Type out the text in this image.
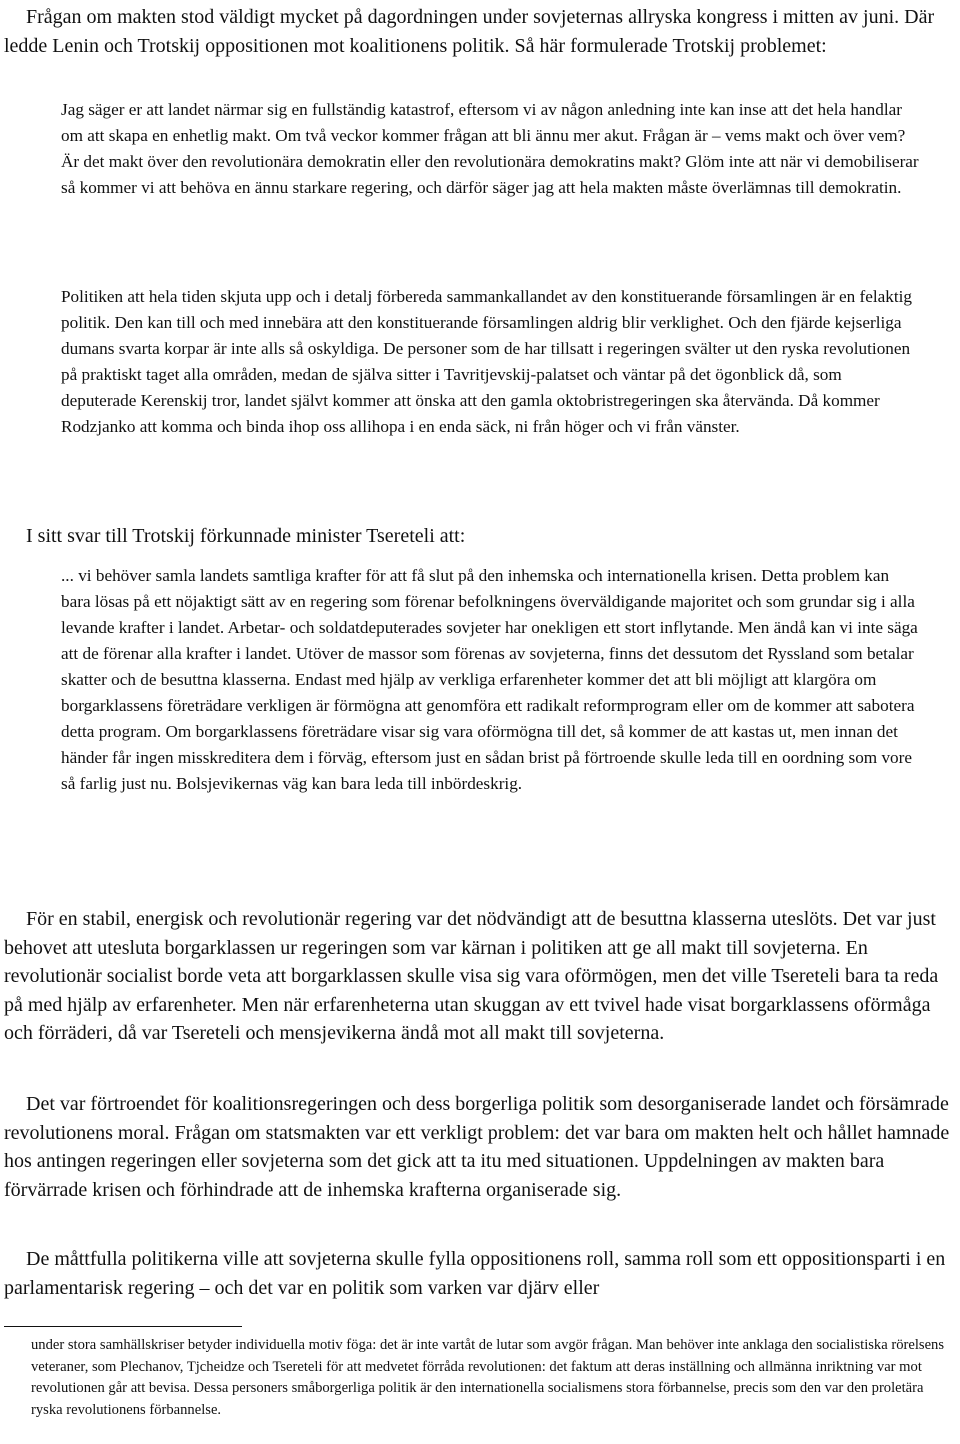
Frågan om makten stod väldigt mycket på dagordningen under sovjeternas allryska kongress i mitten av juni. Där ledde Lenin och Trotskij oppositionen mot koalitionens politik. Så här formulerade Trotskij problemet:

Jag säger er att landet närmar sig en fullständig katastrof, eftersom vi av någon anledning inte kan inse att det hela handlar om att skapa en enhetlig makt. Om två veckor kommer frågan att bli ännu mer akut. Frågan är – vems makt och över vem? Är det makt över den revolutionära demokratin eller den revolutionära demokratins makt? Glöm inte att när vi demobiliserar så kommer vi att behöva en ännu starkare regering, och därför säger jag att hela makten måste överlämnas till demokratin.

Politiken att hela tiden skjuta upp och i detalj förbereda sammankallandet av den konstituerande församlingen är en felaktig politik. Den kan till och med innebära att den konstituerande församlingen aldrig blir verklighet. Och den fjärde kejserliga dumans svarta korpar är inte alls så oskyldiga. De personer som de har tillsatt i regeringen svälter ut den ryska revolutionen på praktiskt taget alla områden, medan de själva sitter i Tavritjevskij-palatset och väntar på det ögonblick då, som deputerade Kerenskij tror, landet självt kommer att önska att den gamla oktobristregeringen ska återvända. Då kommer Rodzjanko att komma och binda ihop oss allihopa i en enda säck, ni från höger och vi från vänster.

I sitt svar till Trotskij förkunnade minister Tsereteli att:

... vi behöver samla landets samtliga krafter för att få slut på den inhemska och internationella krisen. Detta problem kan bara lösas på ett nöjaktigt sätt av en regering som förenar befolkningens överväldigande majoritet och som grundar sig i alla levande krafter i landet. Arbetar- och soldatdeputerades sovjeter har onekligen ett stort inflytande. Men ändå kan vi inte säga att de förenar alla krafter i landet. Utöver de massor som förenas av sovjeterna, finns det dessutom det Ryssland som betalar skatter och de besuttna klasserna. Endast med hjälp av verkliga erfarenheter kommer det att bli möjligt att klargöra om borgarklassens företrädare verkligen är förmögna att genomföra ett radikalt reformprogram eller om de kommer att sabotera detta program. Om borgarklassens företrädare visar sig vara oförmögna till det, så kommer de att kastas ut, men innan det händer får ingen misskreditera dem i förväg, eftersom just en sådan brist på förtroende skulle leda till en oordning som vore så farlig just nu. Bolsjevikernas väg kan bara leda till inbördeskrig.

För en stabil, energisk och revolutionär regering var det nödvändigt att de besuttna klasserna uteslöts. Det var just behovet att utesluta borgarklassen ur regeringen som var kärnan i politiken att ge all makt till sovjeterna. En revolutionär socialist borde veta att borgarklassen skulle visa sig vara oförmögen, men det ville Tsereteli bara ta reda på med hjälp av erfarenheter. Men när erfarenheterna utan skuggan av ett tvivel hade visat borgarklassens oförmåga och förräderi, då var Tsereteli och mensjevikerna ändå mot all makt till sovjeterna.

Det var förtroendet för koalitionsregeringen och dess borgerliga politik som desorganiserade landet och försämrade revolutionens moral. Frågan om statsmakten var ett verkligt problem: det var bara om makten helt och hållet hamnade hos antingen regeringen eller sovjeterna som det gick att ta itu med situationen. Uppdelningen av makten bara förvärrade krisen och förhindrade att de inhemska krafterna organiserade sig.

De måttfulla politikerna ville att sovjeterna skulle fylla oppositionens roll, samma roll som ett oppositionsparti i en parlamentarisk regering – och det var en politik som varken var djärv eller

under stora samhällskriser betyder individuella motiv föga: det är inte vartåt de lutar som avgör frågan. Man behöver inte anklaga den socialistiska rörelsens veteraner, som Plechanov, Tjcheidze och Tsereteli för att medvetet förråda revolutionen: det faktum att deras inställning och allmänna inriktning var mot revolutionen går att bevisa. Dessa personers småborgerliga politik är den internationella socialismens stora förbannelse, precis som den var den proletära ryska revolutionens förbannelse.
